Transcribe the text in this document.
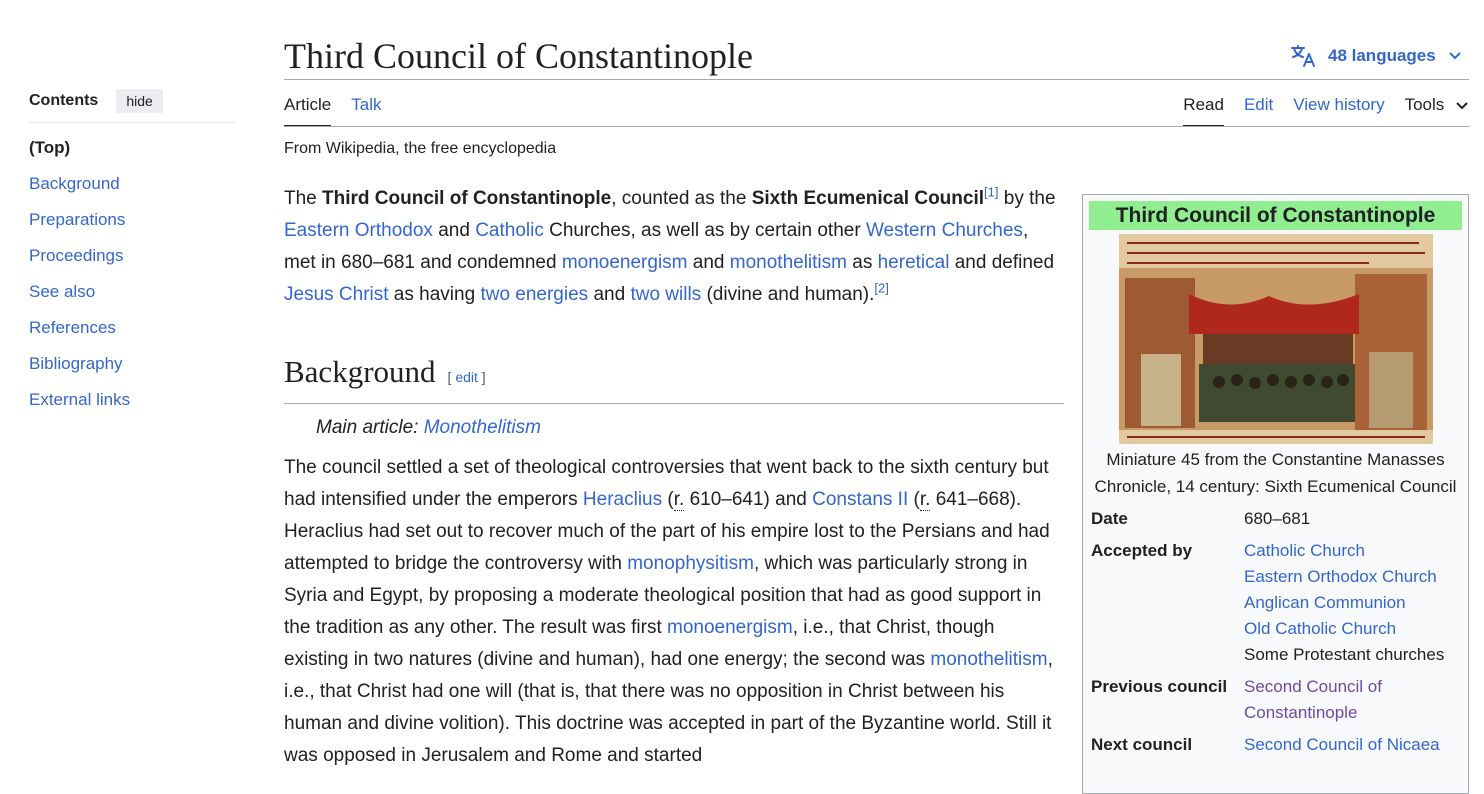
Contents	hide
(Top)
Background
Preparations
Proceedings
See also
References
Bibliography
External links
Third Council of Constantinople	48 languages
Article Talk	Read Edit View history Tools
From Wikipedia, the free encyclopedia

The Third Council of Constantinople, counted as the Sixth Ecumenical Council[1] by the Eastern Orthodox and Catholic Churches, as well as by certain other Western Churches, met in 680–681 and condemned monoenergism and monothelitism as heretical and defined Jesus Christ as having two energies and two wills (divine and human).[2]

Background [ edit ]
Main article: Monothelitism

The council settled a set of theological controversies that went back to the sixth century but had intensified under the emperors Heraclius (r. 610–641) and Constans II (r. 641–668). Heraclius had set out to recover much of the part of his empire lost to the Persians and had attempted to bridge the controversy with monophysitism, which was particularly strong in Syria and Egypt, by proposing a moderate theological position that had as good support in the tradition as any other. The result was first monoenergism, i.e., that Christ, though existing in two natures (divine and human), had one energy; the second was monothelitism, i.e., that Christ had one will (that is, that there was no opposition in Christ between his human and divine volition). This doctrine was accepted in part of the Byzantine world. Still it was opposed in Jerusalem and Rome and started

Third Council of Constantinople
Miniature 45 from the Constantine Manasses Chronicle, 14 century: Sixth Ecumenical Council
Date	680–681
Accepted by	Catholic Church
Eastern Orthodox Church
Anglican Communion
Old Catholic Church
Some Protestant churches
Previous council	Second Council of Constantinople
Next council	Second Council of Nicaea
